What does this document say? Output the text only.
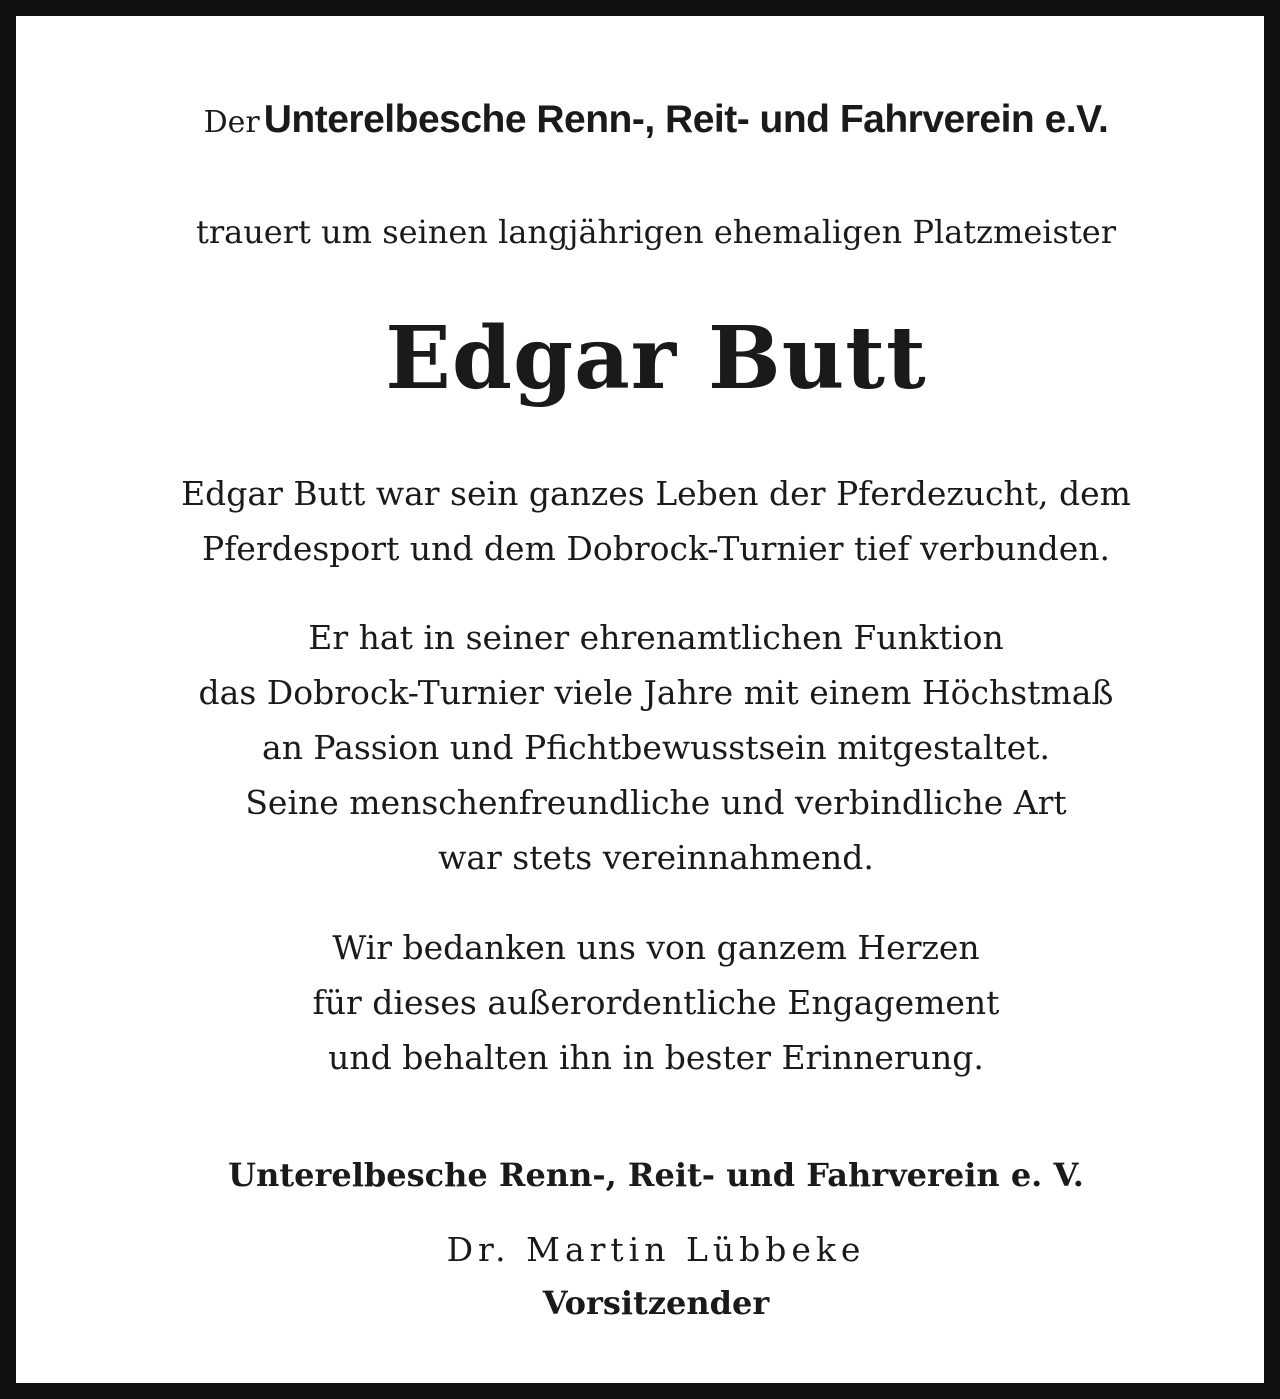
Der Unterelbesche Renn-, Reit- und Fahrverein e.V.
trauert um seinen langjährigen ehemaligen Platzmeister
Edgar Butt
Edgar Butt war sein ganzes Leben der Pferdezucht, dem
Pferdesport und dem Dobrock-Turnier tief verbunden.
Er hat in seiner ehrenamtlichen Funktion
das Dobrock-Turnier viele Jahre mit einem Höchstmaß
an Passion und Pfichtbewusstsein mitgestaltet.
Seine menschenfreundliche und verbindliche Art
war stets vereinnahmend.
Wir bedanken uns von ganzem Herzen
für dieses außerordentliche Engagement
und behalten ihn in bester Erinnerung.
Unterelbesche Renn-, Reit- und Fahrverein e. V.
Dr. Martin Lübbeke
Vorsitzender
